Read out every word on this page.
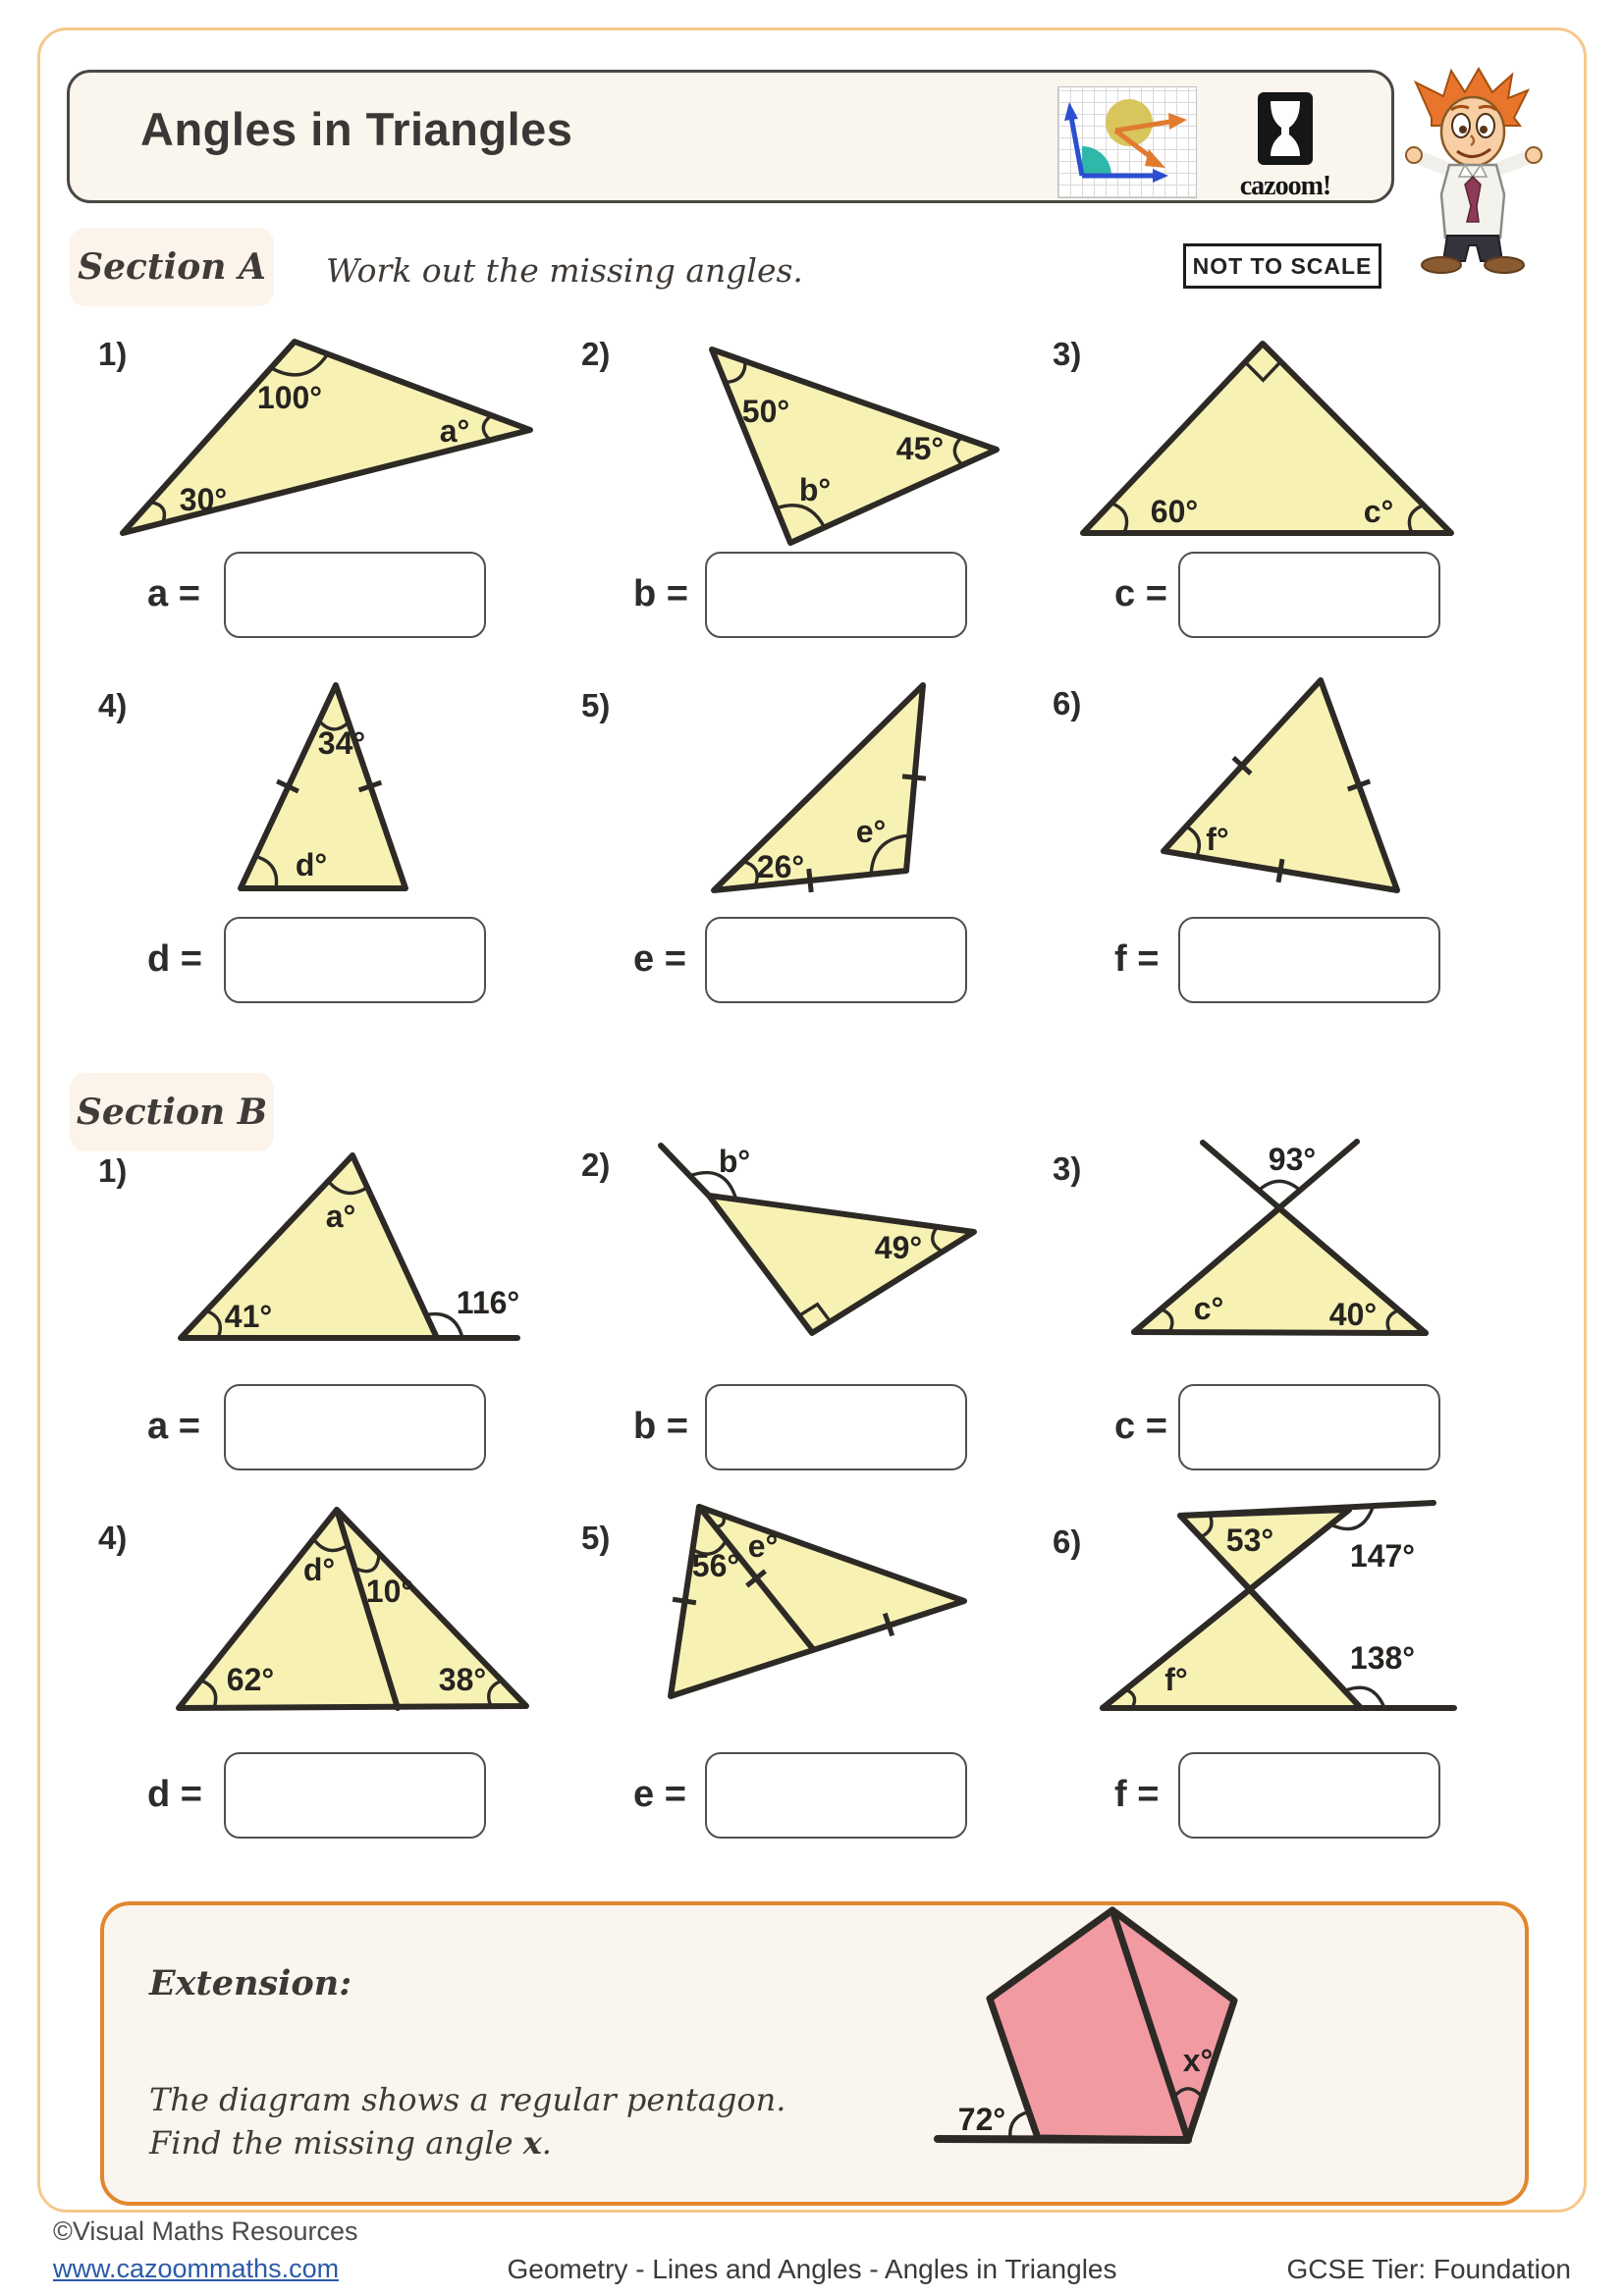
Angles in Triangles
cazoom!
NOT TO SCALE
Section A Work out the missing angles.
1)	2)	3)
100°
a°
30°
50°
45°
b°
60°	c°
a =	b =	c =
4)	5)	6)
34°
d°	26°
e°	f°
d =	e =	f =
Section B
1)	2)	3)
a°
41°	116°
b°
49°
93°
c°	40°
a =	b =	c =
4)	5)	6)
d°
10°
62°	38°
56°
e°	53° 147°
f°
138°
d =	e =	f =
Extension:
The diagram shows a regular pentagon.
Find the missing angle x.
72°
x°
©Visual Maths Resources
www.cazoommaths.com	Geometry - Lines and Angles - Angles in Triangles	GCSE Tier: Foundation
